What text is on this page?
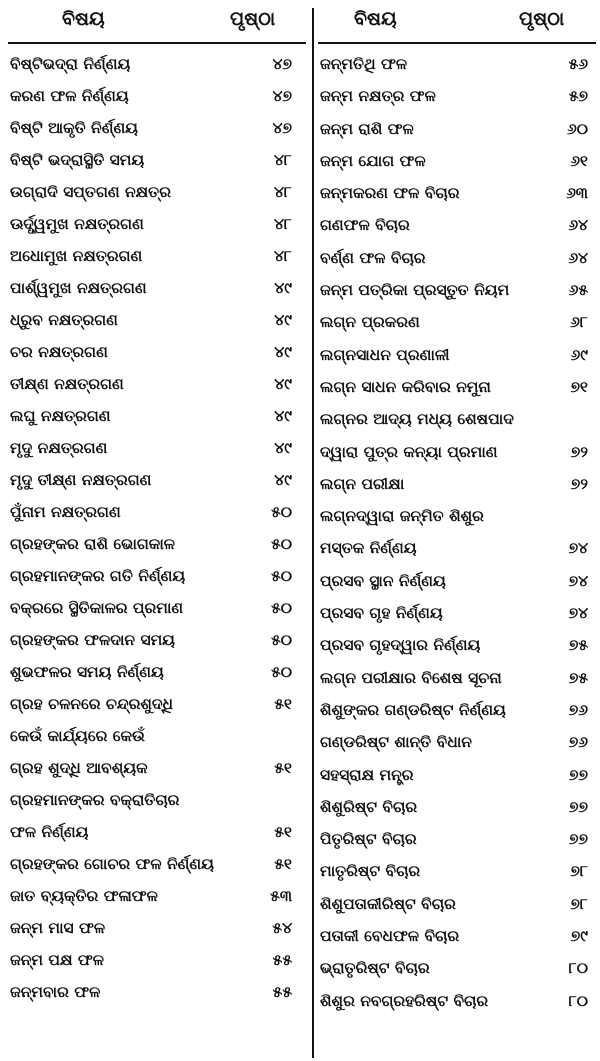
ବିଷୟ	ପୃଷ୍ଠା
ବିଷ୍ଟିଭଦ୍ରା ନିର୍ଣ୍ଣୟ	୪୭
କରଣ ଫଳ ନିର୍ଣ୍ଣୟ	୪୭
ବିଷ୍ଟି ଆକୃତି ନିର୍ଣ୍ଣୟ	୪୭
ବିଷ୍ଟି ଭଦ୍ରାସ୍ଥିତି ସମୟ	୪୮
ଉଗ୍ରାଦି ସପ୍ତଗଣ ନକ୍ଷତ୍ର	୪୮
ଊର୍ଦ୍ଧ୍ୱମୁଖ ନକ୍ଷତ୍ରଗଣ	୪୮
ଅଧୋମୁଖ ନକ୍ଷତ୍ରଗଣ	୪୮
ପାର୍ଶ୍ୱମୁଖ ନକ୍ଷତ୍ରଗଣ	୪୯
ଧ୍ରୁବ ନକ୍ଷତ୍ରଗଣ	୪୯
ଚର ନକ୍ଷତ୍ରଗଣ	୪୯
ତୀକ୍ଷ୍ଣ ନକ୍ଷତ୍ରଗଣ	୪୯
ଲଘୁ ନକ୍ଷତ୍ରଗଣ	୪୯
ମୃଦୁ ନକ୍ଷତ୍ରଗଣ	୪୯
ମୃଦୁ ତୀକ୍ଷ୍ଣ ନକ୍ଷତ୍ରଗଣ	୪୯
ପୁଁନାମ ନକ୍ଷତ୍ରଗଣ	୫୦
ଗ୍ରହଙ୍କର ରାଶି ଭୋଗକାଳ	୫୦
ଗ୍ରହମାନଙ୍କର ଗତି ନିର୍ଣ୍ଣୟ	୫୦
ବକ୍ରରେ ସ୍ଥିତିକାଳର ପ୍ରମାଣ	୫୦
ଗ୍ରହଙ୍କର ଫଳଦାନ ସମୟ	୫୦
ଶୁଭଫଳର ସମୟ ନିର୍ଣ୍ଣୟ	୫୦
ଗ୍ରହ ଚଳନରେ ଚନ୍ଦ୍ରଶୁଦ୍ଧି	୫୧
କେଉଁ କାର୍ଯ୍ୟରେ କେଉଁ
ଗ୍ରହ ଶୁଦ୍ଧି ଆବଶ୍ୟକ	୫୧
ଗ୍ରହମାନଙ୍କର ବକ୍ରାତିଚାର
ଫଳ ନିର୍ଣ୍ଣୟ	୫୧
ଗ୍ରହଙ୍କର ଗୋଚର ଫଳ ନିର୍ଣ୍ଣୟ	୫୧
ଜାତ ବ୍ୟକ୍ତିର ଫଳାଫଳ	୫୩
ଜନ୍ମ ମାସ ଫଳ	୫୪
ଜନ୍ମ ପକ୍ଷ ଫଳ	୫୫
ଜନ୍ମବାର ଫଳ	୫୫
ବିଷୟ	ପୃଷ୍ଠା
ଜନ୍ମତିଥି ଫଳ	୫୬
ଜନ୍ମ ନକ୍ଷତ୍ର ଫଳ	୫୭
ଜନ୍ମ ରାଶି ଫଳ	୬୦
ଜନ୍ମ ଯୋଗ ଫଳ	୬୧
ଜନ୍ମକରଣ ଫଳ ବିଚାର	୬୩
ଗଣଫଳ ବିଚାର	୬୪
ବର୍ଣ୍ଣ ଫଳ ବିଚାର	୬୪
ଜନ୍ମ ପତ୍ରିକା ପ୍ରସ୍ତୁତ ନିୟମ	୬୫
ଲଗ୍ନ ପ୍ରକରଣ	୬୮
ଲଗ୍ନସାଧନ ପ୍ରଣାଳୀ	୬୯
ଲଗ୍ନ ସାଧନ କରିବାର ନମୁନା	୭୧
ଲଗ୍ନର ଆଦ୍ୟ ମଧ୍ୟ ଶେଷପାଦ
ଦ୍ୱାରା ପୁତ୍ର କନ୍ୟା ପ୍ରମାଣ	୭୨
ଲଗ୍ନ ପରୀକ୍ଷା	୭୨
ଲଗ୍ନଦ୍ୱାରା ଜନ୍ମିତ ଶିଶୁର
ମସ୍ତକ ନିର୍ଣ୍ଣୟ	୭୪
ପ୍ରସବ ସ୍ଥାନ ନିର୍ଣ୍ଣୟ	୭୪
ପ୍ରସବ ଗୃହ ନିର୍ଣ୍ଣୟ	୭୪
ପ୍ରସବ ଗୃହଦ୍ୱାର ନିର୍ଣ୍ଣୟ	୭୫
ଲଗ୍ନ ପରୀକ୍ଷାର ବିଶେଷ ସୂଚନା	୭୫
ଶିଶୁଙ୍କର ଗଣ୍ଡରିଷ୍ଟ ନିର୍ଣ୍ଣୟ	୭୬
ଗଣ୍ଡରିଷ୍ଟ ଶାନ୍ତି ବିଧାନ	୭୬
ସହସ୍ରାକ୍ଷ ମନ୍ତ୍ର	୭୭
ଶିଶୁରିଷ୍ଟ ବିଚାର	୭୭
ପିତୃରିଷ୍ଟ ବିଚାର	୭୭
ମାତୃରିଷ୍ଟ ବିଚାର	୭୮
ଶିଶୁପତାକୀରିଷ୍ଟ ବିଚାର	୭୮
ପତାକୀ ବେଧଫଳ ବିଚାର	୭୯
ଭ୍ରାତୃରିଷ୍ଟ ବିଚାର	୮୦
ଶିଶୁର ନବଗ୍ରହରିଷ୍ଟ ବିଚାର	୮୦
